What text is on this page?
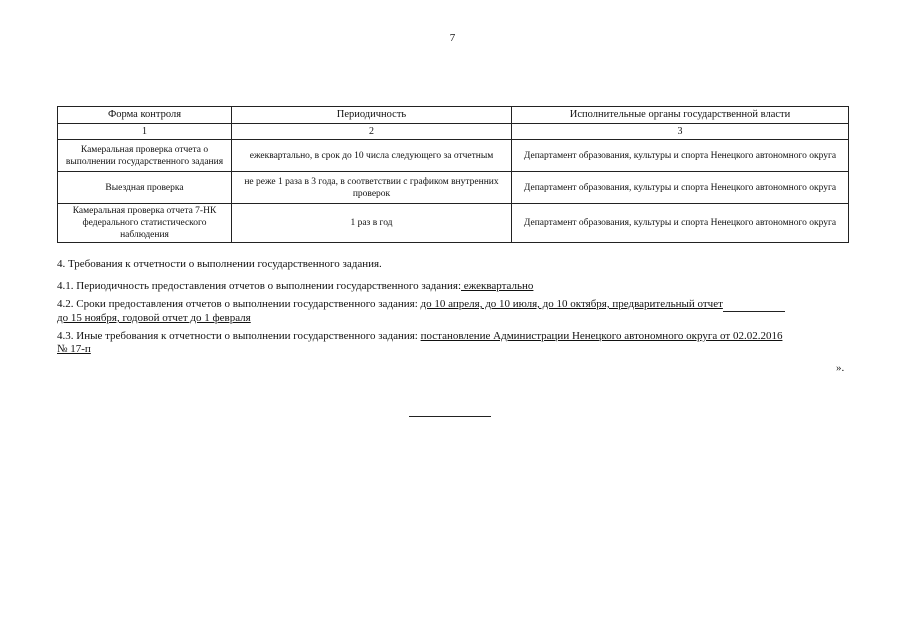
7
Форма контроля	Периодичность	Исполнительные органы государственной власти
1	2	3
Камеральная проверка отчета о выполнении государственного задания	ежеквартально, в срок до 10 числа следующего за отчетным	Департамент образования, культуры и спорта Ненецкого автономного округа
Выездная проверка	не реже 1 раза в 3 года, в соответствии с графиком внутренних проверок	Департамент образования, культуры и спорта Ненецкого автономного округа
Камеральная проверка отчета 7-НК федерального статистического наблюдения	1 раз в год	Департамент образования, культуры и спорта Ненецкого автономного округа
4. Требования к отчетности о выполнении государственного задания.
4.1. Периодичность предоставления отчетов о выполнении государственного задания: ежеквартально
4.2. Сроки предоставления отчетов о выполнении государственного задания: до 10 апреля, до 10 июля, до 10 октября, предварительный отчет
до 15 ноября, годовой отчет до 1 февраля
4.3. Иные требования к отчетности о выполнении государственного задания: постановление Администрации Ненецкого автономного округа от 02.02.2016
№ 17-п
».
